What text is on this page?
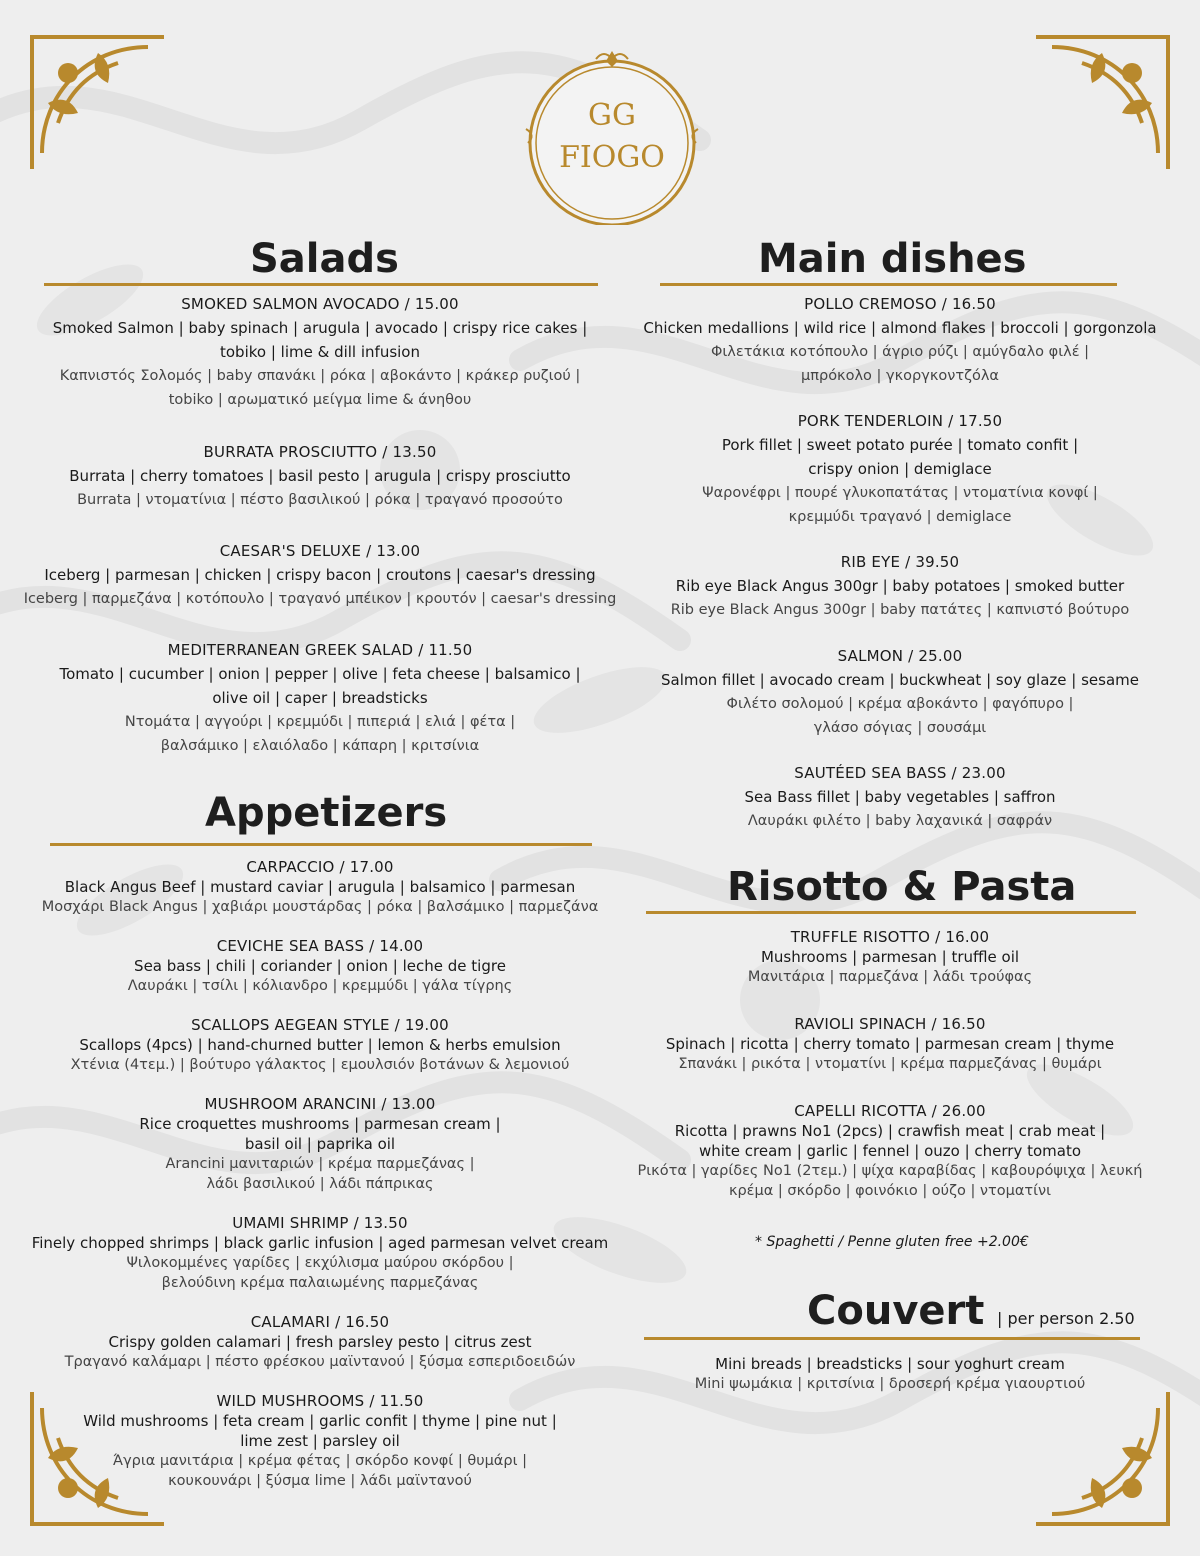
GG
FIOGO
Salads
SMOKED SALMON AVOCADO / 15.00
Smoked Salmon | baby spinach | arugula | avocado | crispy rice cakes |
tobiko | lime & dill infusion
Καπνιστός Σολομός | baby σπανάκι | ρόκα | αβοκάντο | κράκερ ρυζιού |
tobiko | αρωματικό μείγμα lime & άνηθου
BURRATA PROSCIUTTO / 13.50
Burrata | cherry tomatoes | basil pesto | arugula | crispy prosciutto
Burrata | ντοματίνια | πέστο βασιλικού | ρόκα | τραγανό προσούτο
CAESAR'S DELUXE / 13.00
Iceberg | parmesan | chicken | crispy bacon | croutons | caesar's dressing
Iceberg | παρμεζάνα | κοτόπουλο | τραγανό μπέικον | κρουτόν | caesar's dressing
MEDITERRANEAN GREEK SALAD / 11.50
Tomato | cucumber | onion | pepper | olive | feta cheese | balsamico |
olive oil | caper | breadsticks
Ντομάτα | αγγούρι | κρεμμύδι | πιπεριά | ελιά | φέτα |
βαλσάμικο | ελαιόλαδο | κάπαρη | κριτσίνια
Appetizers
CARPACCIO / 17.00
Black Angus Beef | mustard caviar | arugula | balsamico | parmesan
Μοσχάρι Black Angus | χαβιάρι μουστάρδας | ρόκα | βαλσάμικο | παρμεζάνα
CEVICHE SEA BASS / 14.00
Sea bass | chili | coriander | onion | leche de tigre
Λαυράκι | τσίλι | κόλιανδρο | κρεμμύδι | γάλα τίγρης
SCALLOPS AEGEAN STYLE / 19.00
Scallops (4pcs) | hand-churned butter | lemon & herbs emulsion
Χτένια (4τεμ.) | βούτυρο γάλακτος | εμουλσιόν βοτάνων & λεμονιού
MUSHROOM ARANCINI / 13.00
Rice croquettes mushrooms | parmesan cream |
basil oil | paprika oil
Arancini μανιταριών | κρέμα παρμεζάνας |
λάδι βασιλικού | λάδι πάπρικας
UMAMI SHRIMP / 13.50
Finely chopped shrimps | black garlic infusion | aged parmesan velvet cream
Ψιλοκομμένες γαρίδες | εκχύλισμα μαύρου σκόρδου |
βελούδινη κρέμα παλαιωμένης παρμεζάνας
CALAMARI / 16.50
Crispy golden calamari | fresh parsley pesto | citrus zest
Τραγανό καλάμαρι | πέστο φρέσκου μαϊντανού | ξύσμα εσπεριδοειδών
WILD MUSHROOMS / 11.50
Wild mushrooms | feta cream | garlic confit | thyme | pine nut |
lime zest | parsley oil
Άγρια μανιτάρια | κρέμα φέτας | σκόρδο κονφί | θυμάρι |
κουκουνάρι | ξύσμα lime | λάδι μαϊντανού
Main dishes
POLLO CREMOSO / 16.50
Chicken medallions | wild rice | almond flakes | broccoli | gorgonzola
Φιλετάκια κοτόπουλο | άγριο ρύζι | αμύγδαλο φιλέ |
μπρόκολο | γκοργκοντζόλα
PORK TENDERLOIN / 17.50
Pork fillet | sweet potato purée | tomato confit |
crispy onion | demiglace
Ψαρονέφρι | πουρέ γλυκοπατάτας | ντοματίνια κονφί |
κρεμμύδι τραγανό | demiglace
RIB EYE / 39.50
Rib eye Black Angus 300gr | baby potatoes | smoked butter
Rib eye Black Angus 300gr | baby πατάτες | καπνιστό βούτυρο
SALMON / 25.00
Salmon fillet | avocado cream | buckwheat | soy glaze | sesame
Φιλέτο σολομού | κρέμα αβοκάντο | φαγόπυρο |
γλάσο σόγιας | σουσάμι
SAUTÉED SEA BASS / 23.00
Sea Bass fillet | baby vegetables | saffron
Λαυράκι φιλέτο | baby λαχανικά | σαφράν
Risotto & Pasta
TRUFFLE RISOTTO / 16.00
Mushrooms | parmesan | truffle oil
Μανιτάρια | παρμεζάνα | λάδι τρούφας
RAVIOLI SPINACH / 16.50
Spinach | ricotta | cherry tomato | parmesan cream | thyme
Σπανάκι | ρικότα | ντοματίνι | κρέμα παρμεζάνας | θυμάρι
CAPELLI RICOTTA / 26.00
Ricotta | prawns No1 (2pcs) | crawfish meat | crab meat |
white cream | garlic | fennel | ouzo | cherry tomato
Ρικότα | γαρίδες No1 (2τεμ.) | ψίχα καραβίδας | καβουρόψιχα | λευκή
κρέμα | σκόρδο | φοινόκιο | ούζο | ντοματίνι
* Spaghetti / Penne gluten free +2.00€
Couvert | per person 2.50
Mini breads | breadsticks | sour yoghurt cream
Mini ψωμάκια | κριτσίνια | δροσερή κρέμα γιαουρτιού
